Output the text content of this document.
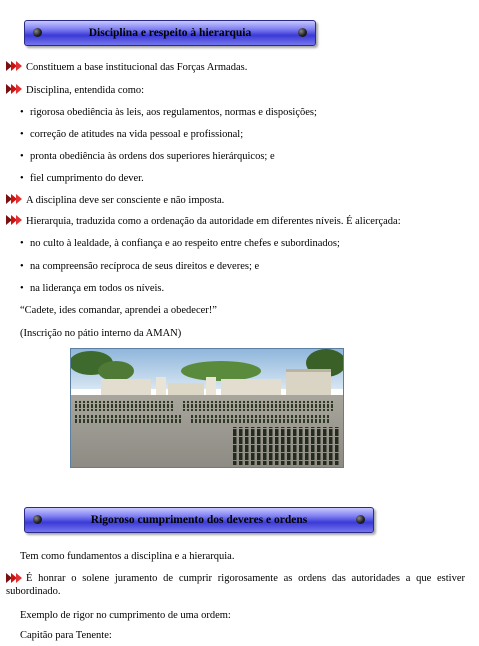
Disciplina e respeito à hierarquia
Constituem a base institucional das Forças Armadas.
Disciplina, entendida como:
• rigorosa obediência às leis, aos regulamentos, normas e disposições;
• correção de atitudes na vida pessoal e profissional;
• pronta obediência às ordens dos superiores hierárquicos; e
• fiel cumprimento do dever.
A disciplina deve ser consciente e não imposta.
Hierarquia, traduzida como a ordenação da autoridade em diferentes níveis. É alicerçada:
• no culto à lealdade, à confiança e ao respeito entre chefes e subordinados;
• na compreensão recíproca de seus direitos e deveres; e
• na liderança em todos os níveis.
“Cadete, ides comandar, aprendei a obedecer!”
(Inscrição no pátio interno da AMAN)
Rigoroso cumprimento dos deveres e ordens
Tem como fundamentos a disciplina e a hierarquia.
É honrar o solene juramento de cumprir rigorosamente as ordens das autoridades a que estiver subordinado.
Exemplo de rigor no cumprimento de uma ordem:
Capitão para Tenente:
